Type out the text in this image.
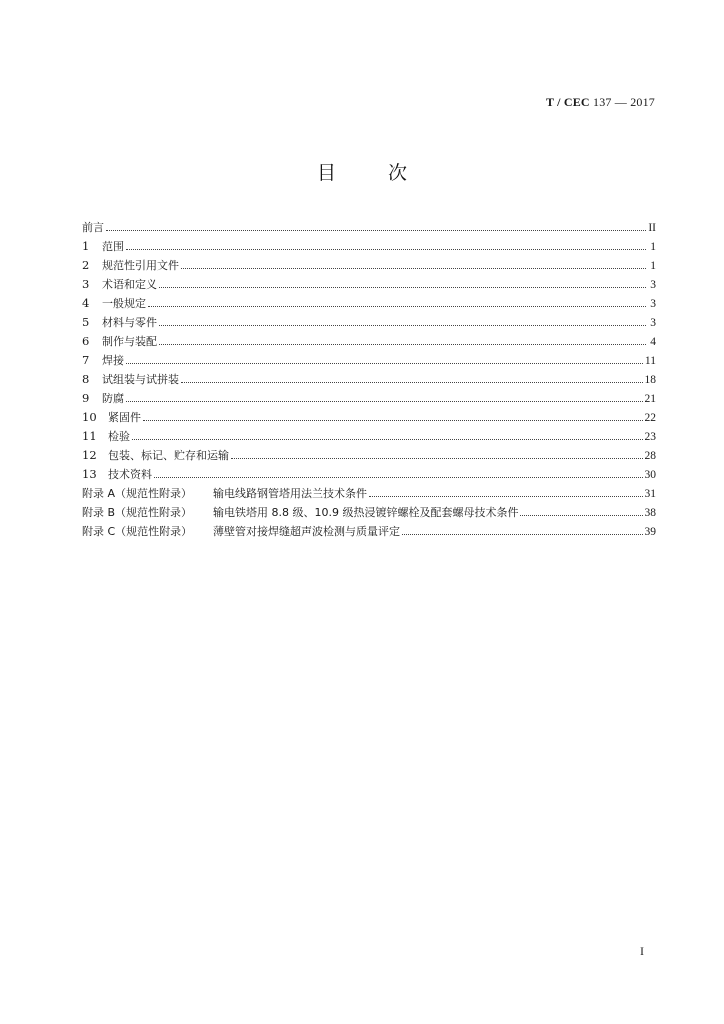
T / CEC 137 — 2017
目次
前言	II
1	范围	1
2	规范性引用文件	1
3	术语和定义	3
4	一般规定	3
5	材料与零件	3
6	制作与装配	4
7	焊接	11
8	试组装与试拼装	18
9	防腐	21
10	紧固件	22
11	检验	23
12	包装、标记、贮存和运输	28
13	技术资料	30
附录 A（规范性附录）	输电线路钢管塔用法兰技术条件	31
附录 B（规范性附录）	输电铁塔用 8.8 级、10.9 级热浸镀锌螺栓及配套螺母技术条件	38
附录 C（规范性附录）	薄壁管对接焊缝超声波检测与质量评定	39
I
